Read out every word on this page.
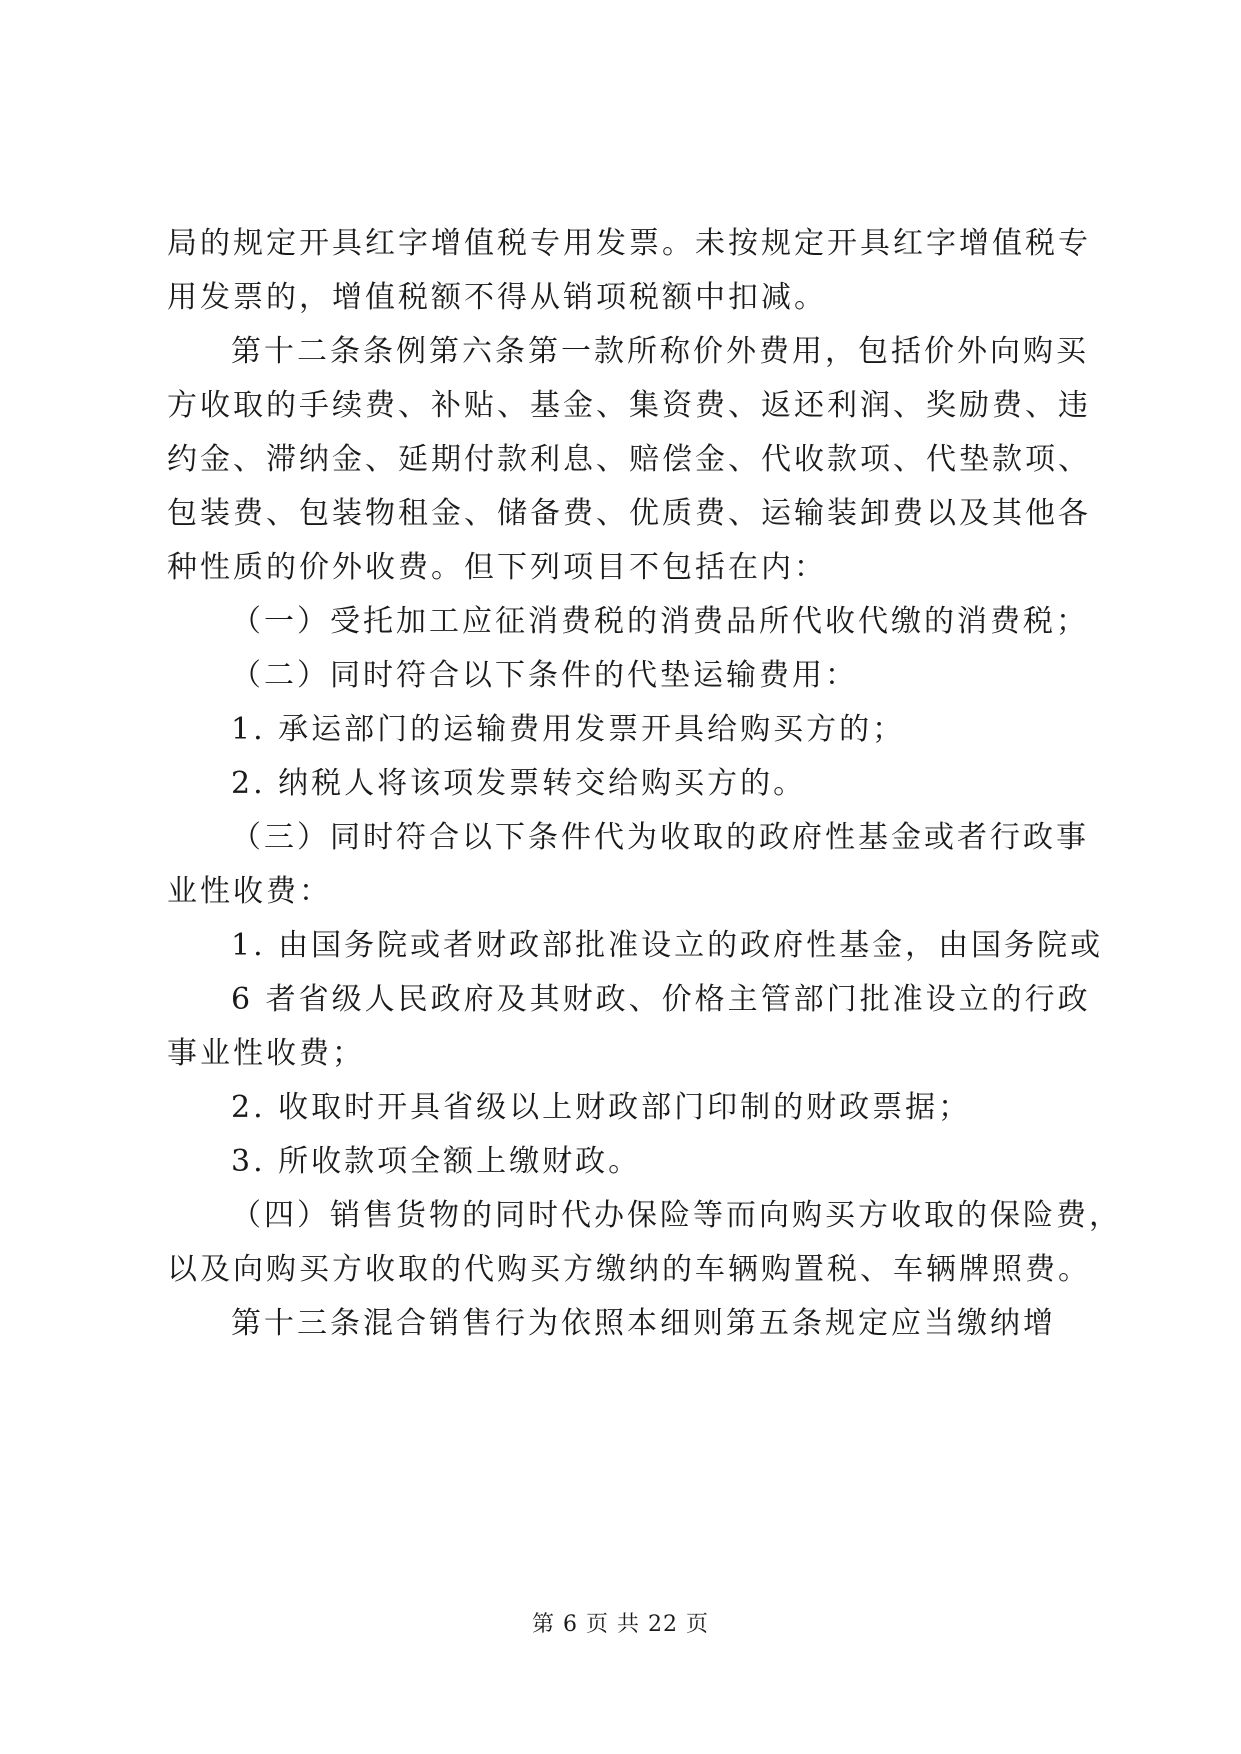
局的规定开具红字增值税专用发票。未按规定开具红字增值税专
用发票的，增值税额不得从销项税额中扣减。
第十二条条例第六条第一款所称价外费用，包括价外向购买
方收取的手续费、补贴、基金、集资费、返还利润、奖励费、违
约金、滞纳金、延期付款利息、赔偿金、代收款项、代垫款项、
包装费、包装物租金、储备费、优质费、运输装卸费以及其他各
种性质的价外收费。但下列项目不包括在内：
（一）受托加工应征消费税的消费品所代收代缴的消费税；
（二）同时符合以下条件的代垫运输费用：
1. 承运部门的运输费用发票开具给购买方的；
2. 纳税人将该项发票转交给购买方的。
（三）同时符合以下条件代为收取的政府性基金或者行政事
业性收费：
1. 由国务院或者财政部批准设立的政府性基金，由国务院或
6 者省级人民政府及其财政、价格主管部门批准设立的行政
事业性收费；
2. 收取时开具省级以上财政部门印制的财政票据；
3. 所收款项全额上缴财政。
（四）销售货物的同时代办保险等而向购买方收取的保险费，
以及向购买方收取的代购买方缴纳的车辆购置税、车辆牌照费。
第十三条混合销售行为依照本细则第五条规定应当缴纳增
第 6 页 共 22 页
